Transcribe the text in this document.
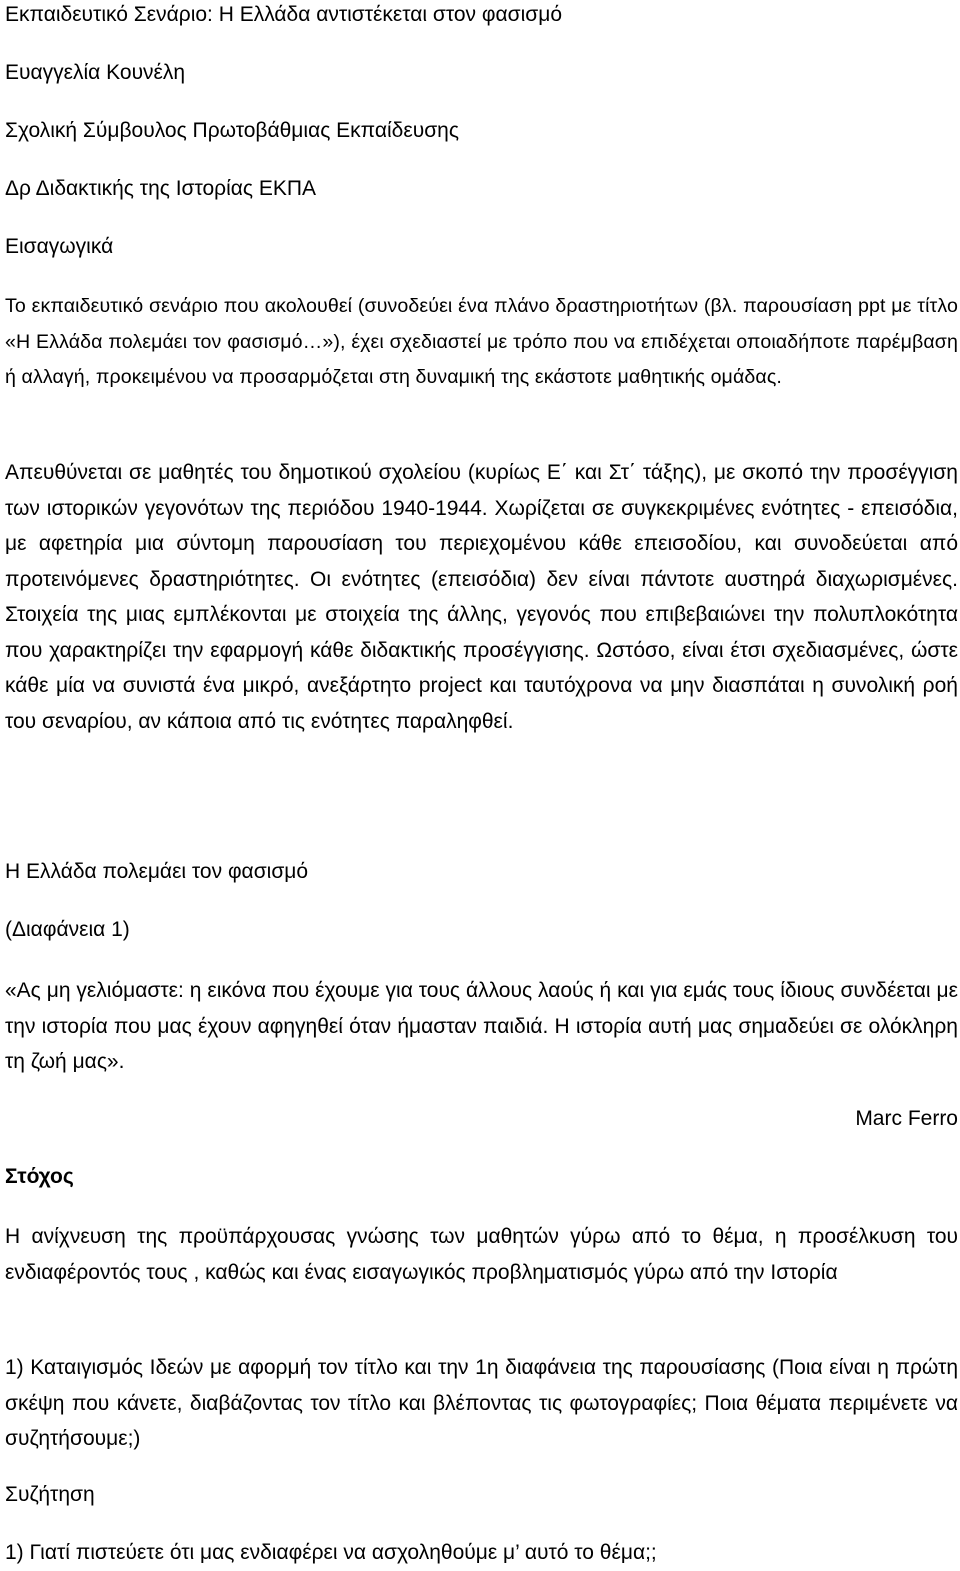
Εκπαιδευτικό Σενάριο: Η Ελλάδα αντιστέκεται στον φασισμό

Ευαγγελία Κουνέλη

Σχολική Σύμβουλος Πρωτοβάθμιας Εκπαίδευσης

Δρ Διδακτικής της Ιστορίας ΕΚΠΑ

Εισαγωγικά

Το εκπαιδευτικό σενάριο που ακολουθεί (συνοδεύει ένα πλάνο δραστηριοτήτων (βλ. παρουσίαση ppt με τίτλο «Η Ελλάδα πολεμάει τον φασισμό…»), έχει σχεδιαστεί με τρόπο που να επιδέχεται οποιαδήποτε παρέμβαση ή αλλαγή, προκειμένου να προσαρμόζεται στη δυναμική της εκάστοτε μαθητικής ομάδας.

Απευθύνεται σε μαθητές του δημοτικού σχολείου (κυρίως Ε΄ και Στ΄ τάξης), με σκοπό την προσέγγιση των ιστορικών γεγονότων της περιόδου 1940-1944. Χωρίζεται σε συγκεκριμένες ενότητες - επεισόδια, με αφετηρία μια σύντομη παρουσίαση του περιεχομένου κάθε επεισοδίου, και συνοδεύεται από προτεινόμενες δραστηριότητες. Οι ενότητες (επεισόδια) δεν είναι πάντοτε αυστηρά διαχωρισμένες. Στοιχεία της μιας εμπλέκονται με στοιχεία της άλλης, γεγονός που επιβεβαιώνει την πολυπλοκότητα που χαρακτηρίζει την εφαρμογή κάθε διδακτικής προσέγγισης. Ωστόσο, είναι έτσι σχεδιασμένες, ώστε κάθε μία να συνιστά ένα μικρό, ανεξάρτητο project και ταυτόχρονα να μην διασπάται η συνολική ροή του σεναρίου, αν κάποια από τις ενότητες παραληφθεί.

Η Ελλάδα πολεμάει τον φασισμό

(Διαφάνεια 1)

«Ας μη γελιόμαστε: η εικόνα που έχουμε για τους άλλους λαούς ή και για εμάς τους ίδιους συνδέεται με την ιστορία που μας έχουν αφηγηθεί όταν ήμασταν παιδιά. Η ιστορία αυτή μας σημαδεύει σε ολόκληρη τη ζωή μας».

Marc Ferro

Στόχος

Η ανίχνευση της προϋπάρχουσας γνώσης των μαθητών γύρω από το θέμα, η προσέλκυση του ενδιαφέροντός τους , καθώς και ένας εισαγωγικός προβληματισμός γύρω από την Ιστορία

1) Καταιγισμός Ιδεών με αφορμή τον τίτλο και την 1η διαφάνεια της παρουσίασης (Ποια είναι η πρώτη σκέψη που κάνετε, διαβάζοντας τον τίτλο και βλέποντας τις φωτογραφίες; Ποια θέματα περιμένετε να συζητήσουμε;)

Συζήτηση

1) Γιατί πιστεύετε ότι μας ενδιαφέρει να ασχοληθούμε μ’ αυτό το θέμα;;
